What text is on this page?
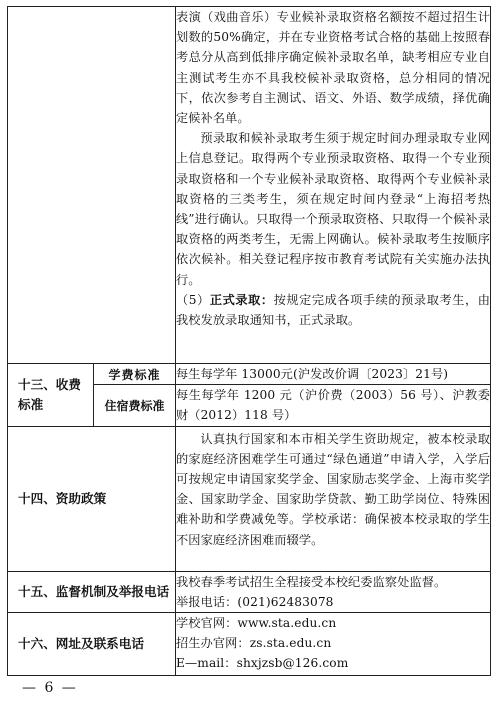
		表演（戏曲音乐）专业候补录取资格名额按不超过招生计划数的50%确定，并在专业资格考试合格的基础上按照春考总分从高到低排序确定候补录取名单，缺考相应专业自主测试考生亦不具我校候补录取资格，总分相同的情况下，依次参考自主测试、语文、外语、数学成绩，择优确定候补名单。

预录取和候补录取考生须于规定时间办理录取专业网上信息登记。取得两个专业预录取资格、取得一个专业预录取资格和一个专业候补录取资格、取得两个专业候补录取资格的三类考生，须在规定时间内登录“上海招考热线”进行确认。只取得一个预录取资格、只取得一个候补录取资格的两类考生，无需上网确认。候补录取考生按顺序依次候补。相关登记程序按市教育考试院有关实施办法执行。

（5）正式录取：按规定完成各项手续的预录取考生，由我校发放录取通知书，正式录取。

十三、收费标准	学费标准	每生每学年 13000元(沪发改价调〔2023〕21号)
	住宿费标准	每生每学年 1200 元（沪价费（2003）56 号）、沪教委财（2012）118 号）
十四、资助政策		认真执行国家和本市相关学生资助规定，被本校录取的家庭经济困难学生可通过“绿色通道”申请入学，入学后可按规定申请国家奖学金、国家励志奖学金、上海市奖学金、国家助学金、国家助学贷款、勤工助学岗位、特殊困难补助和学费减免等。学校承诺：确保被本校录取的学生不因家庭经济困难而辍学。
十五、监督机制及举报电话		我校春季考试招生全程接受本校纪委监察处监督。

举报电话：(021)62483078

十六、网址及联系电话		学校官网：www.sta.edu.cn

招生办官网：zs.sta.edu.cn

E—mail：shxjzsb@126.com

— 6 —
